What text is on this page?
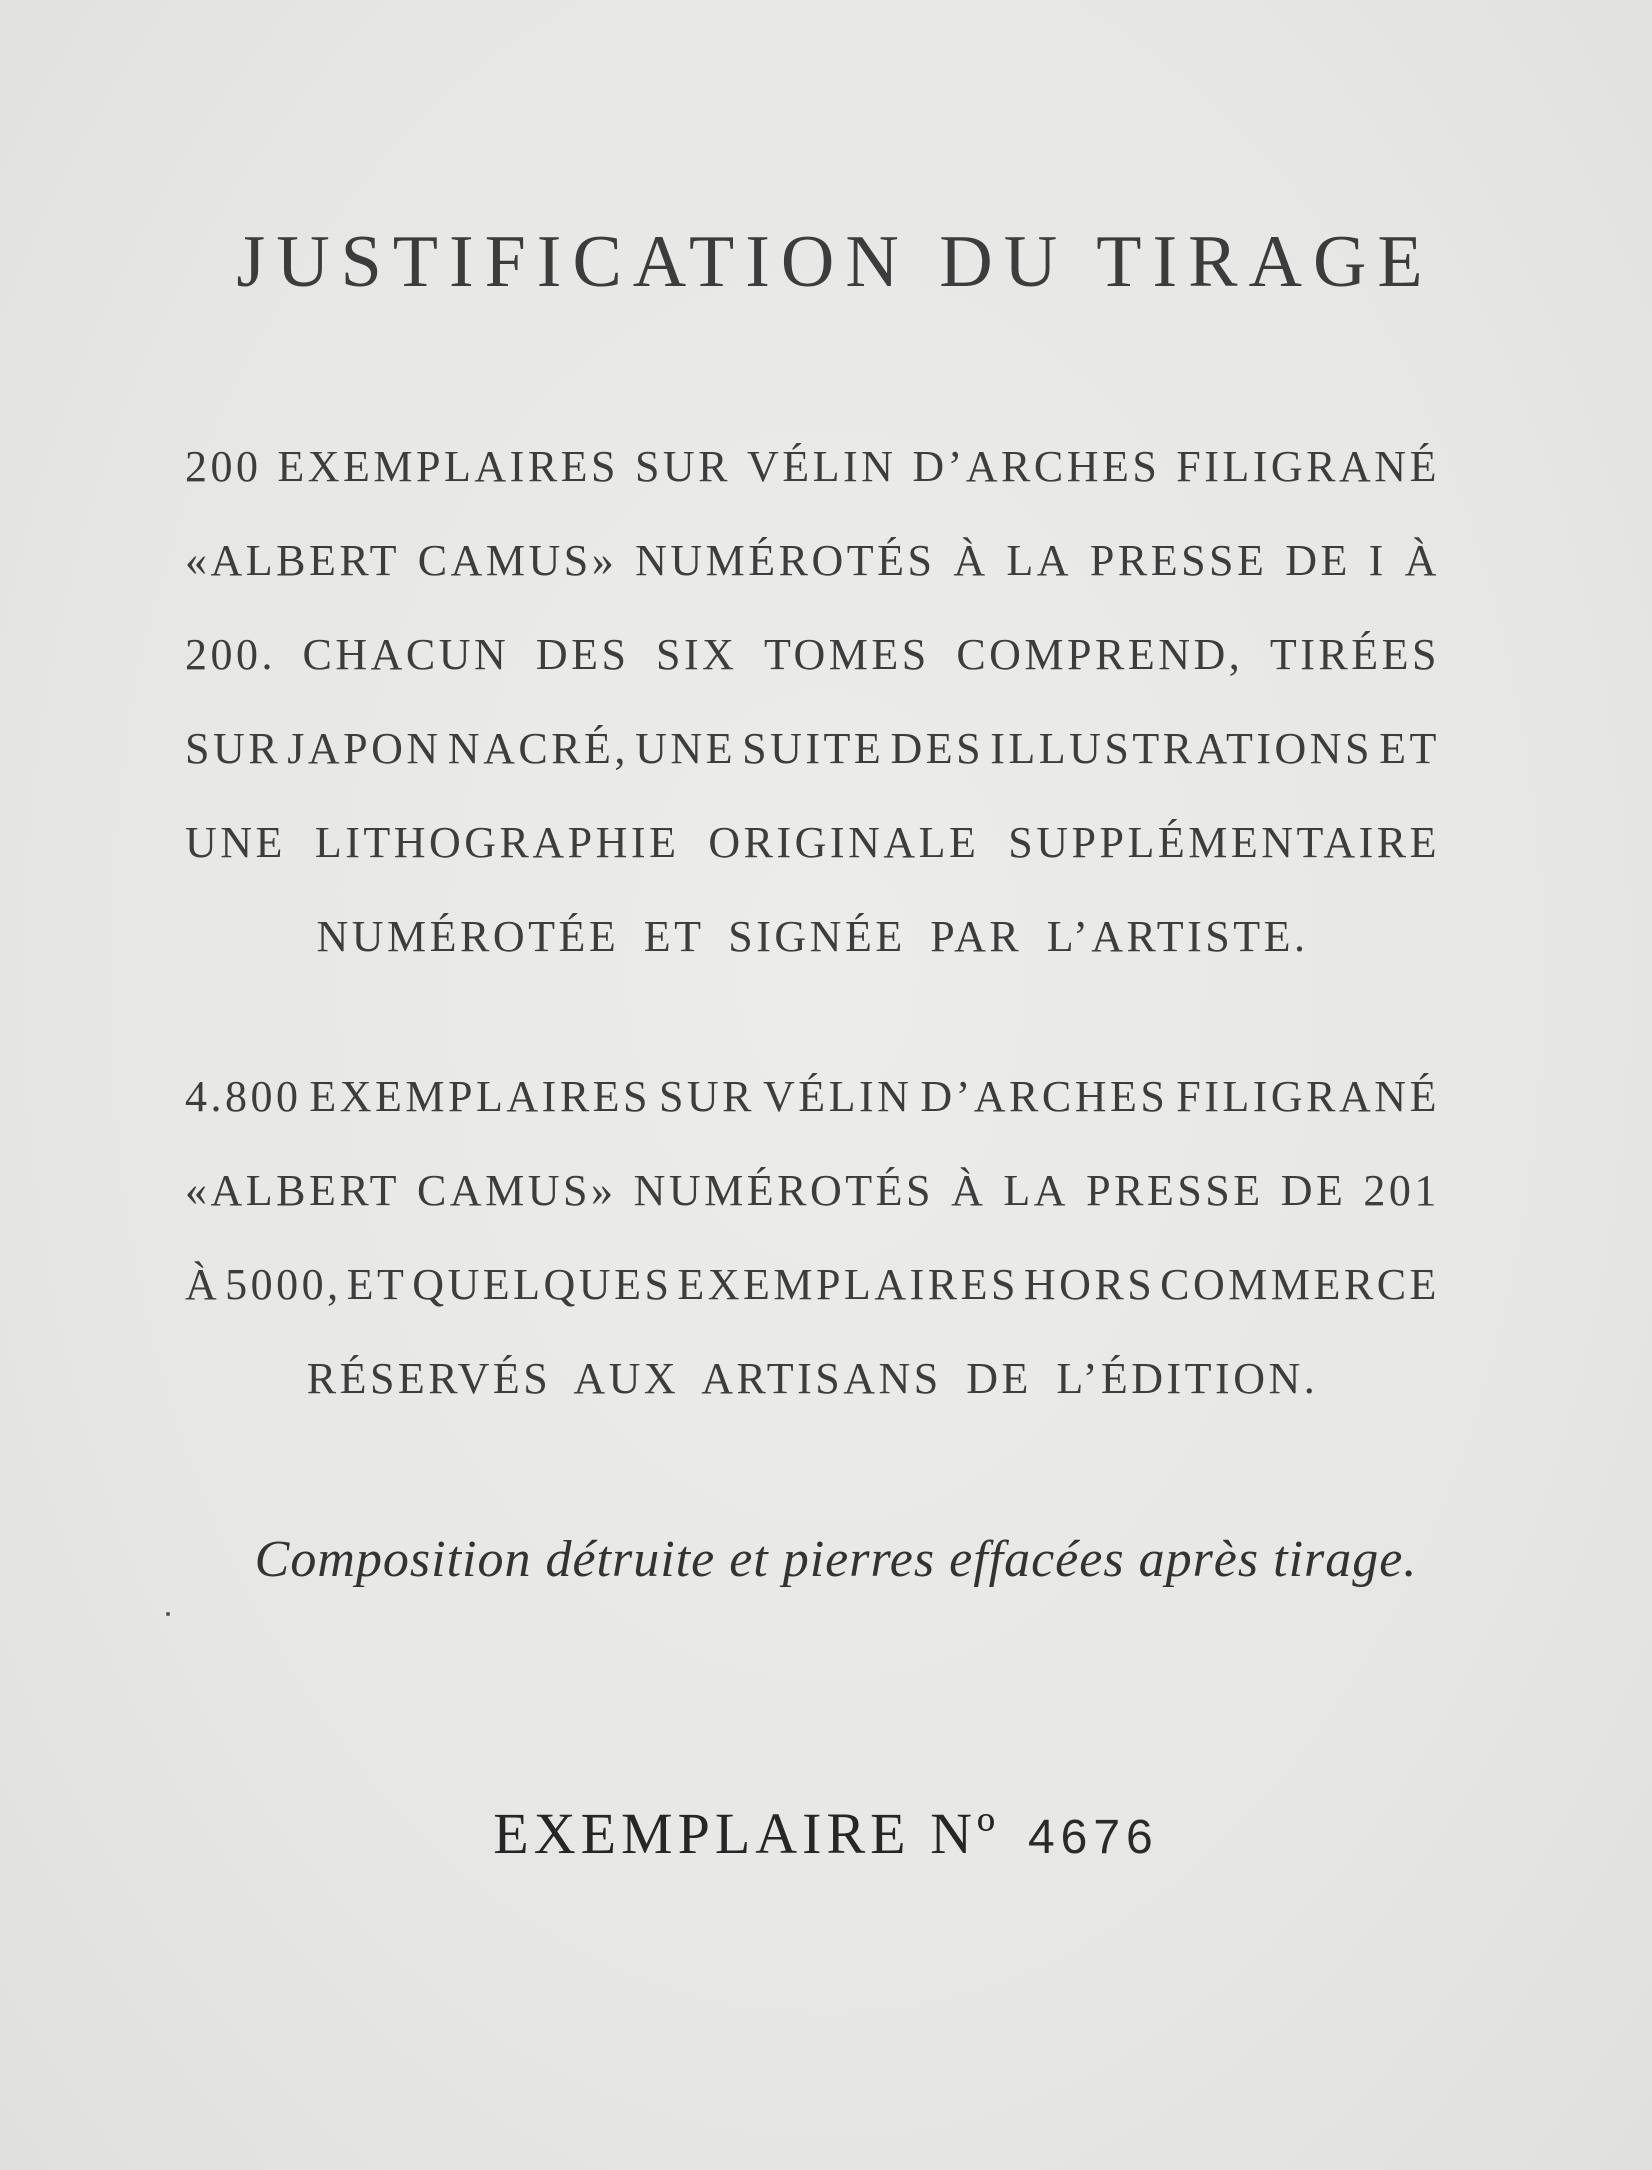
JUSTIFICATION DU TIRAGE
200 EXEMPLAIRES SUR VÉLIN D’ARCHES FILIGRANÉ
«ALBERT CAMUS» NUMÉROTÉS À LA PRESSE DE I À
200. CHACUN DES SIX TOMES COMPREND, TIRÉES
SUR JAPON NACRÉ, UNE SUITE DES ILLUSTRATIONS ET
UNE LITHOGRAPHIE ORIGINALE SUPPLÉMENTAIRE
NUMÉROTÉE ET SIGNÉE PAR L’ARTISTE.
4.800 EXEMPLAIRES SUR VÉLIN D’ARCHES FILIGRANÉ
«ALBERT CAMUS» NUMÉROTÉS À LA PRESSE DE 201
À 5000, ET QUELQUES EXEMPLAIRES HORS COMMERCE
RÉSERVÉS AUX ARTISANS DE L’ÉDITION.
Composition détruite et pierres effacées après tirage.
EXEMPLAIRE Nº 4676
